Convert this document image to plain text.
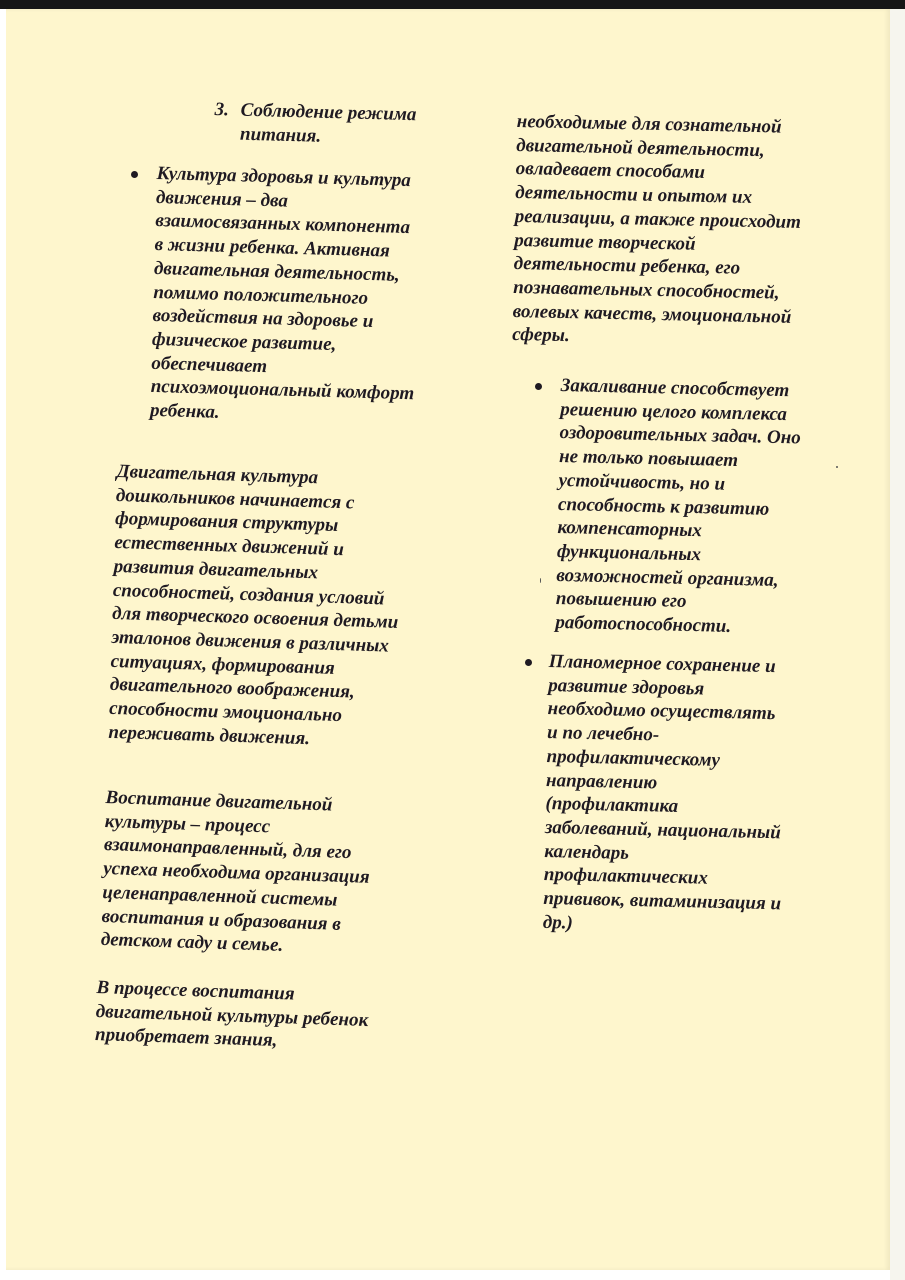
3. Соблюдение режима
питания.
Культура здоровья и культура
движения – два
взаимосвязанных компонента
в жизни ребенка. Активная
двигательная деятельность,
помимо положительного
воздействия на здоровье и
физическое развитие,
обеспечивает
психоэмоциональный комфорт
ребенка.
Двигательная культура
дошкольников начинается с
формирования структуры
естественных движений и
развития двигательных
способностей, создания условий
для творческого освоения детьми
эталонов движения в различных
ситуациях, формирования
двигательного воображения,
способности эмоционально
переживать движения.
Воспитание двигательной
культуры – процесс
взаимонаправленный, для его
успеха необходима организация
целенаправленной системы
воспитания и образования в
детском саду и семье.
В процессе воспитания
двигательной культуры ребенок
приобретает знания,
необходимые для сознательной
двигательной деятельности,
овладевает способами
деятельности и опытом их
реализации, а также происходит
развитие творческой
деятельности ребенка, его
познавательных способностей,
волевых качеств, эмоциональной
сферы.
Закаливание способствует
решению целого комплекса
оздоровительных задач. Оно
не только повышает
устойчивость, но и
способность к развитию
компенсаторных
функциональных
возможностей организма,
повышению его
работоспособности.
Планомерное сохранение и
развитие здоровья
необходимо осуществлять
и по лечебно-
профилактическому
направлению
(профилактика
заболеваний, национальный
календарь
профилактических
прививок, витаминизация и
др.)
